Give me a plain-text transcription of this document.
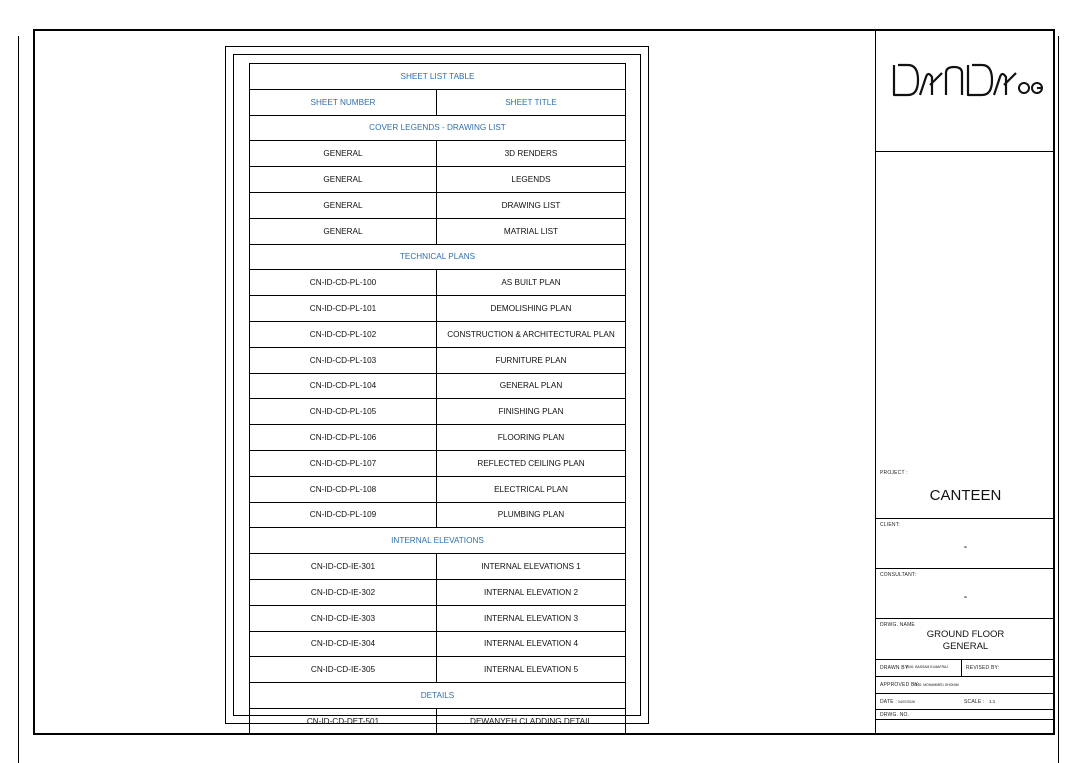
SHEET LIST TABLE	
SHEET NUMBER	SHEET TITLE
COVER LEGENDS - DRAWING LIST	
GENERAL	3D RENDERS
GENERAL	LEGENDS
GENERAL	DRAWING LIST
GENERAL	MATRIAL LIST
TECHNICAL PLANS	
CN-ID-CD-PL-100	AS BUILT PLAN
CN-ID-CD-PL-101	DEMOLISHING PLAN
CN-ID-CD-PL-102	CONSTRUCTION & ARCHITECTURAL PLAN
CN-ID-CD-PL-103	FURNITURE PLAN
CN-ID-CD-PL-104	GENERAL PLAN
CN-ID-CD-PL-105	FINISHING PLAN
CN-ID-CD-PL-106	FLOORING PLAN
CN-ID-CD-PL-107	REFLECTED CEILING PLAN
CN-ID-CD-PL-108	ELECTRICAL PLAN
CN-ID-CD-PL-109	PLUMBING PLAN
INTERNAL ELEVATIONS	
CN-ID-CD-IE-301	INTERNAL ELEVATIONS 1
CN-ID-CD-IE-302	INTERNAL ELEVATION 2
CN-ID-CD-IE-303	INTERNAL ELEVATION 3
CN-ID-CD-IE-304	INTERNAL ELEVATION 4
CN-ID-CD-IE-305	INTERNAL ELEVATION 5
DETAILS	
CN-ID-CD-DET-501	DEWANYEH CLADDING DETAIL
PROJECT :
CANTEEN
CLIENT:
-
CONSULTANT:
-
DRWG. NAME
GROUND FLOOR
GENERAL
DRAWN BY:
ENG. BASSAM ELMAFRAJ	REVISED BY:
APPROVED BY:
ENG. MOHAMMED GHONIM
DATE : 04/07/2026	SCALE : 1:1
DRWG. NO.
